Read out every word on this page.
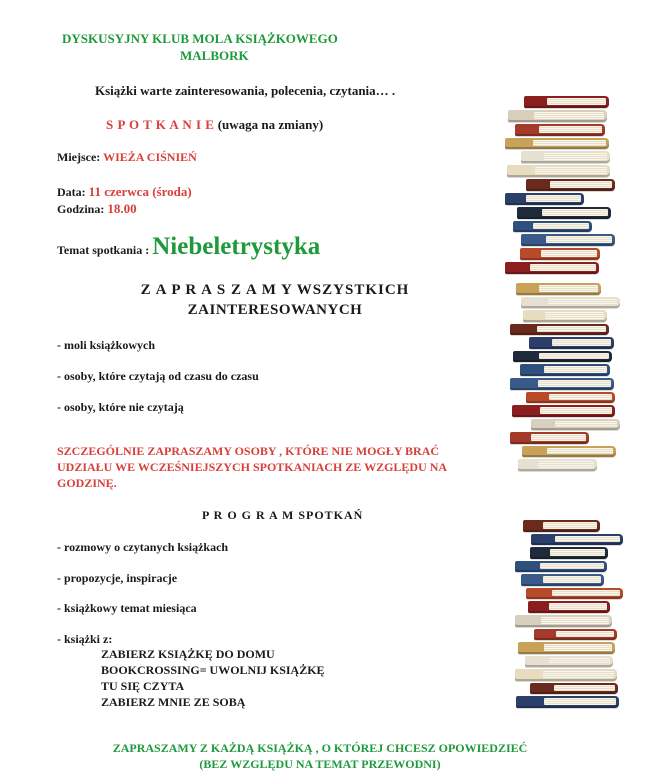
DYSKUSYJNY KLUB MOLA KSIĄŻKOWEGO
MALBORK
Książki warte zainteresowania, polecenia, czytania… .
S P O T K A N I E (uwaga na zmiany)
Miejsce: WIEŻA CIŚNIEŃ
Data: 11 czerwca (środa)
Godzina: 18.00
Temat spotkania : Niebeletrystyka
Z A P R A S Z A M Y WSZYSTKICH
ZAINTERESOWANYCH
- moli książkowych
- osoby, które czytają od czasu do czasu
- osoby, które nie czytają
SZCZEGÓLNIE ZAPRASZAMY OSOBY , KTÓRE NIE MOGŁY BRAĆ
UDZIAŁU WE WCZEŚNIEJSZYCH SPOTKANIACH ZE WZGLĘDU NA
GODZINĘ.
P R O G R A M SPOTKAŃ
- rozmowy o czytanych książkach
- propozycje, inspiracje
- książkowy temat miesiąca
- książki z:
ZABIERZ KSIĄŻKĘ DO DOMU
BOOKCROSSING= UWOLNIJ KSIĄŻKĘ
TU SIĘ CZYTA
ZABIERZ MNIE ZE SOBĄ
ZAPRASZAMY Z KAŻDĄ KSIĄŻKĄ , O KTÓREJ CHCESZ OPOWIEDZIEĆ
(BEZ WZGLĘDU NA TEMAT PRZEWODNI)
